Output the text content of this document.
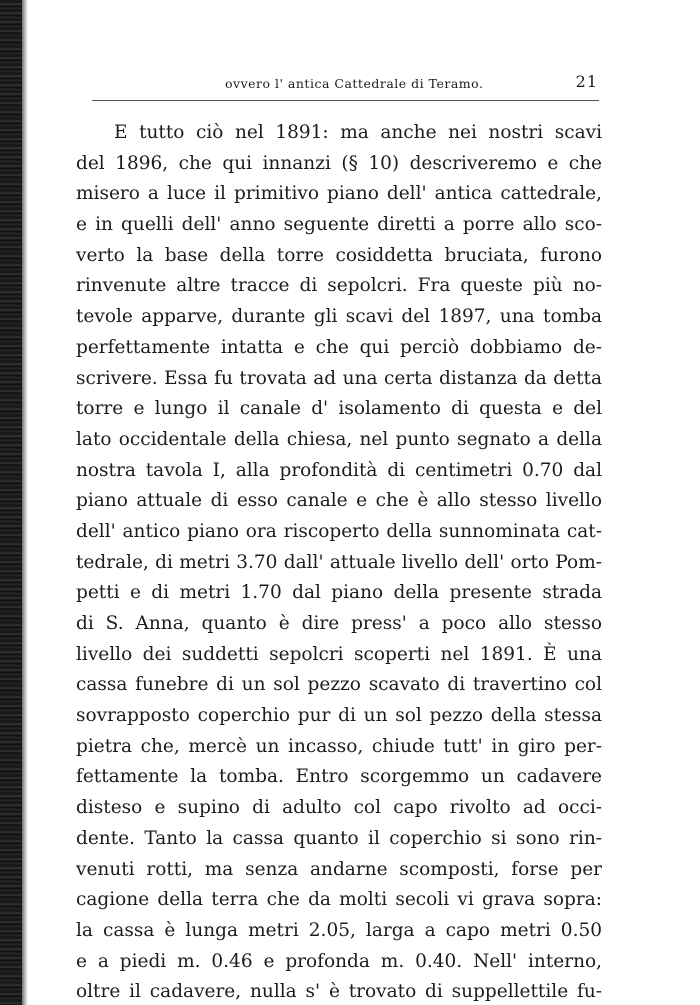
ovvero l' antica Cattedrale di Teramo.	21
E tutto ciò nel 1891: ma anche nei nostri scavi
del 1896, che qui innanzi (§ 10) descriveremo e che
misero a luce il primitivo piano dell' antica cattedrale,
e in quelli dell' anno seguente diretti a porre allo sco-
verto la base della torre cosiddetta bruciata, furono
rinvenute altre tracce di sepolcri. Fra queste più no-
tevole apparve, durante gli scavi del 1897, una tomba
perfettamente intatta e che qui perciò dobbiamo de-
scrivere. Essa fu trovata ad una certa distanza da detta
torre e lungo il canale d' isolamento di questa e del
lato occidentale della chiesa, nel punto segnato a della
nostra tavola I, alla profondità di centimetri 0.70 dal
piano attuale di esso canale e che è allo stesso livello
dell' antico piano ora riscoperto della sunnominata cat-
tedrale, di metri 3.70 dall' attuale livello dell' orto Pom-
petti e di metri 1.70 dal piano della presente strada
di S. Anna, quanto è dire press' a poco allo stesso
livello dei suddetti sepolcri scoperti nel 1891. È una
cassa funebre di un sol pezzo scavato di travertino col
sovrapposto coperchio pur di un sol pezzo della stessa
pietra che, mercè un incasso, chiude tutt' in giro per-
fettamente la tomba. Entro scorgemmo un cadavere
disteso e supino di adulto col capo rivolto ad occi-
dente. Tanto la cassa quanto il coperchio si sono rin-
venuti rotti, ma senza andarne scomposti, forse per
cagione della terra che da molti secoli vi grava sopra:
la cassa è lunga metri 2.05, larga a capo metri 0.50
e a piedi m. 0.46 e profonda m. 0.40. Nell' interno,
oltre il cadavere, nulla s' è trovato di suppellettile fu-
